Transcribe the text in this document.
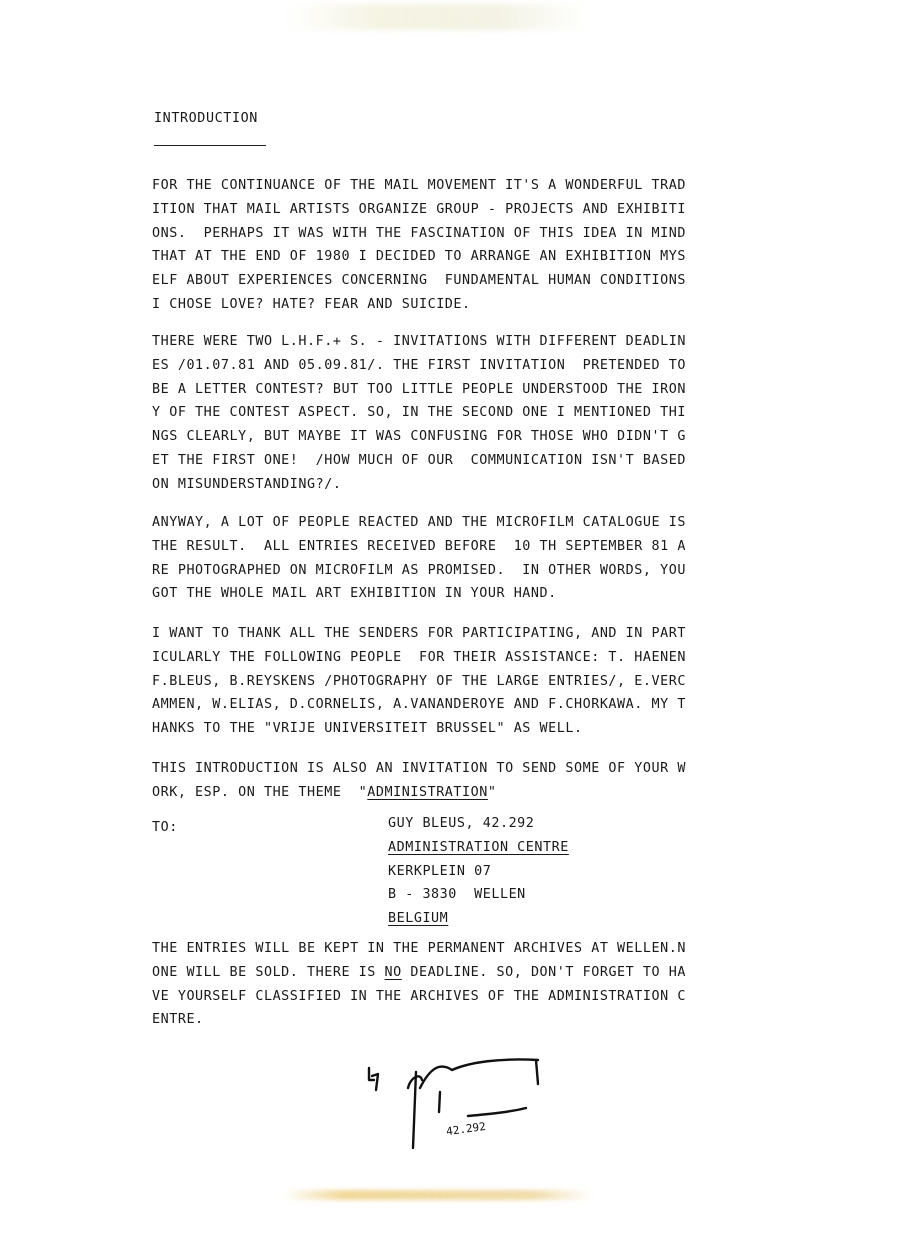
INTRODUCTION
FOR THE CONTINUANCE OF THE MAIL MOVEMENT IT'S A WONDERFUL TRAD
ITION THAT MAIL ARTISTS ORGANIZE GROUP - PROJECTS AND EXHIBITI
ONS.  PERHAPS IT WAS WITH THE FASCINATION OF THIS IDEA IN MIND
THAT AT THE END OF 1980 I DECIDED TO ARRANGE AN EXHIBITION MYS
ELF ABOUT EXPERIENCES CONCERNING  FUNDAMENTAL HUMAN CONDITIONS
I CHOSE LOVE? HATE? FEAR AND SUICIDE.
THERE WERE TWO L.H.F.+ S. - INVITATIONS WITH DIFFERENT DEADLIN
ES /01.07.81 AND 05.09.81/. THE FIRST INVITATION  PRETENDED TO
BE A LETTER CONTEST? BUT TOO LITTLE PEOPLE UNDERSTOOD THE IRON
Y OF THE CONTEST ASPECT. SO, IN THE SECOND ONE I MENTIONED THI
NGS CLEARLY, BUT MAYBE IT WAS CONFUSING FOR THOSE WHO DIDN'T G
ET THE FIRST ONE!  /HOW MUCH OF OUR  COMMUNICATION ISN'T BASED
ON MISUNDERSTANDING?/.
ANYWAY, A LOT OF PEOPLE REACTED AND THE MICROFILM CATALOGUE IS
THE RESULT.  ALL ENTRIES RECEIVED BEFORE  10 TH SEPTEMBER 81 A
RE PHOTOGRAPHED ON MICROFILM AS PROMISED.  IN OTHER WORDS, YOU
GOT THE WHOLE MAIL ART EXHIBITION IN YOUR HAND.
I WANT TO THANK ALL THE SENDERS FOR PARTICIPATING, AND IN PART
ICULARLY THE FOLLOWING PEOPLE  FOR THEIR ASSISTANCE: T. HAENEN
F.BLEUS, B.REYSKENS /PHOTOGRAPHY OF THE LARGE ENTRIES/, E.VERC
AMMEN, W.ELIAS, D.CORNELIS, A.VANANDEROYE AND F.CHORKAWA. MY T
HANKS TO THE "VRIJE UNIVERSITEIT BRUSSEL" AS WELL.
THIS INTRODUCTION IS ALSO AN INVITATION TO SEND SOME OF YOUR W
ORK, ESP. ON THE THEME  "ADMINISTRATION"
TO:	GUY BLEUS, 42.292
ADMINISTRATION CENTRE
KERKPLEIN 07
B - 3830  WELLEN
BELGIUM
THE ENTRIES WILL BE KEPT IN THE PERMANENT ARCHIVES AT WELLEN.N
ONE WILL BE SOLD. THERE IS NO DEADLINE. SO, DON'T FORGET TO HA
VE YOURSELF CLASSIFIED IN THE ARCHIVES OF THE ADMINISTRATION C
ENTRE.
42.292
